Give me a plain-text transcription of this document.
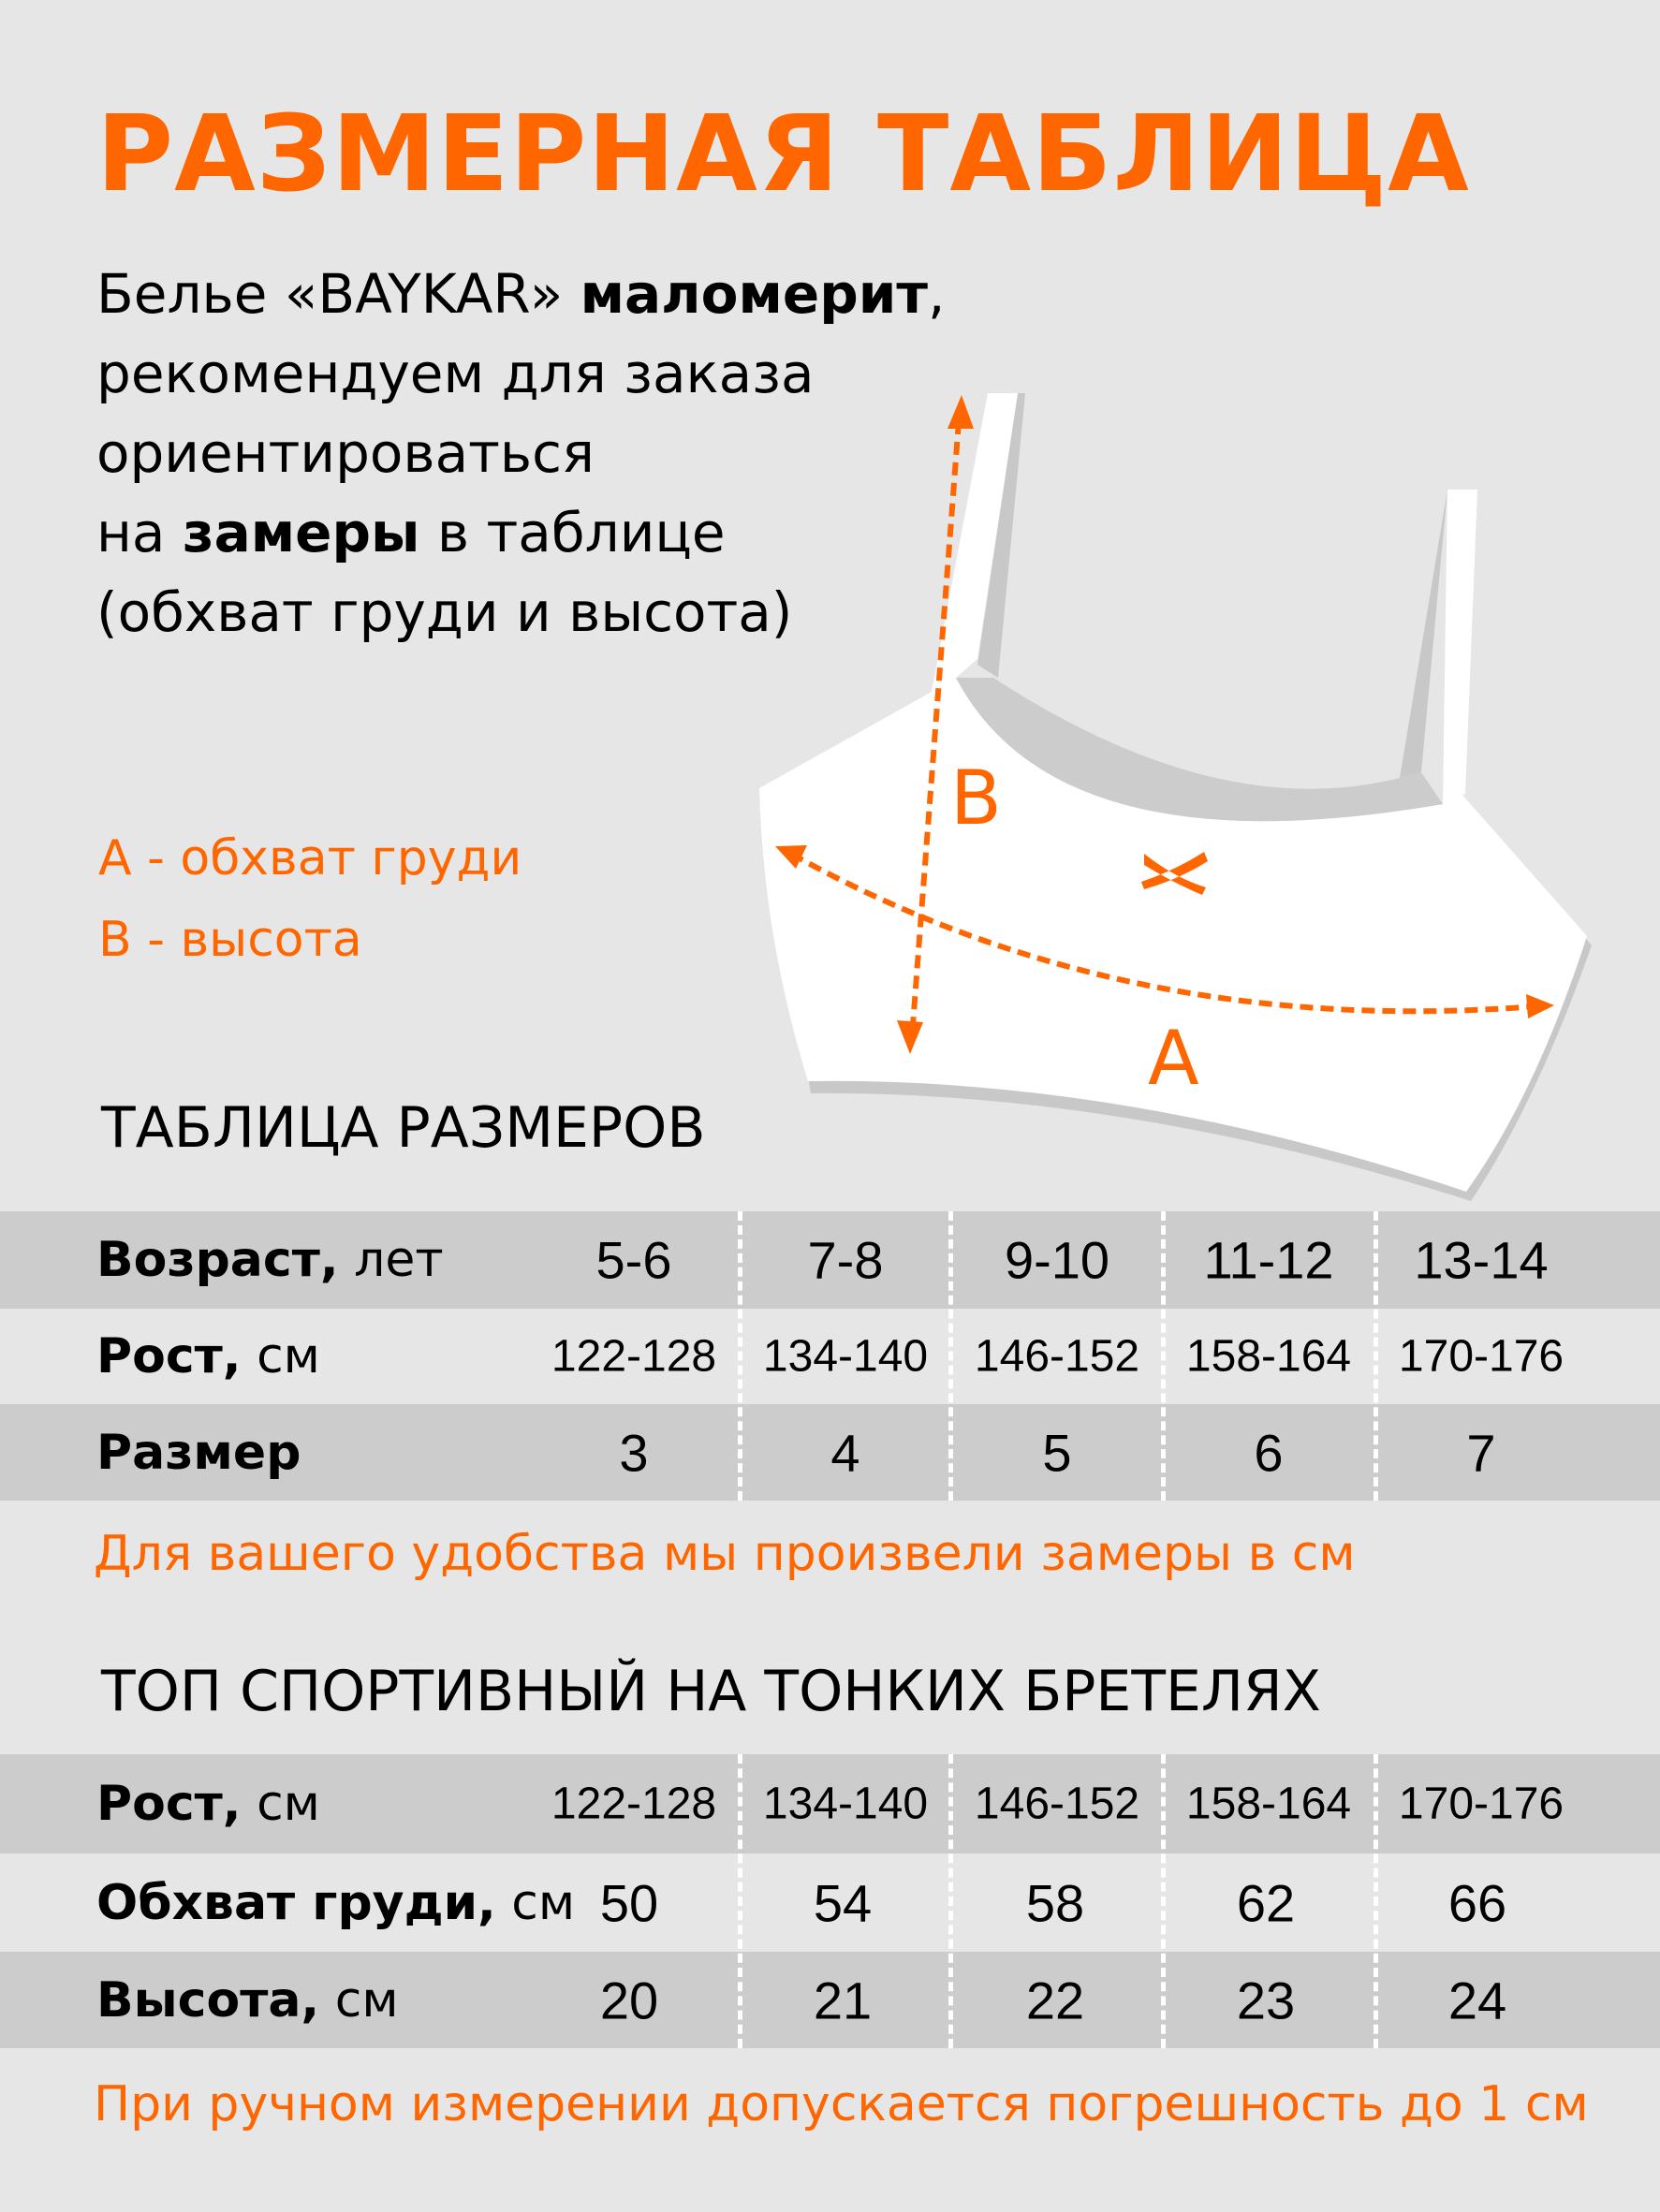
РАЗМЕРНАЯ ТАБЛИЦА
Белье «BAYKAR» маломерит,
рекомендуем для заказа
ориентироваться
на замеры в таблице
(обхват груди и высота)
B
A
А - обхват груди
В - высота
ТАБЛИЦА РАЗМЕРОВ
Возраст, лет	5-6	7-8 9-10 11-12 13-14
Рост, см	122-128 134-140 146-152 158-164 170-176
Размер	3	4	5	6	7
Для вашего удобства мы произвели замеры в см
ТОП СПОРТИВНЫЙ НА ТОНКИХ БРЕТЕЛЯХ
Рост, см	122-128 134-140 146-152 158-164 170-176
Обхват груди, см 50	54	58	62	66
Высота, см	20	21	22	23	24
При ручном измерении допускается погрешность до 1 см
